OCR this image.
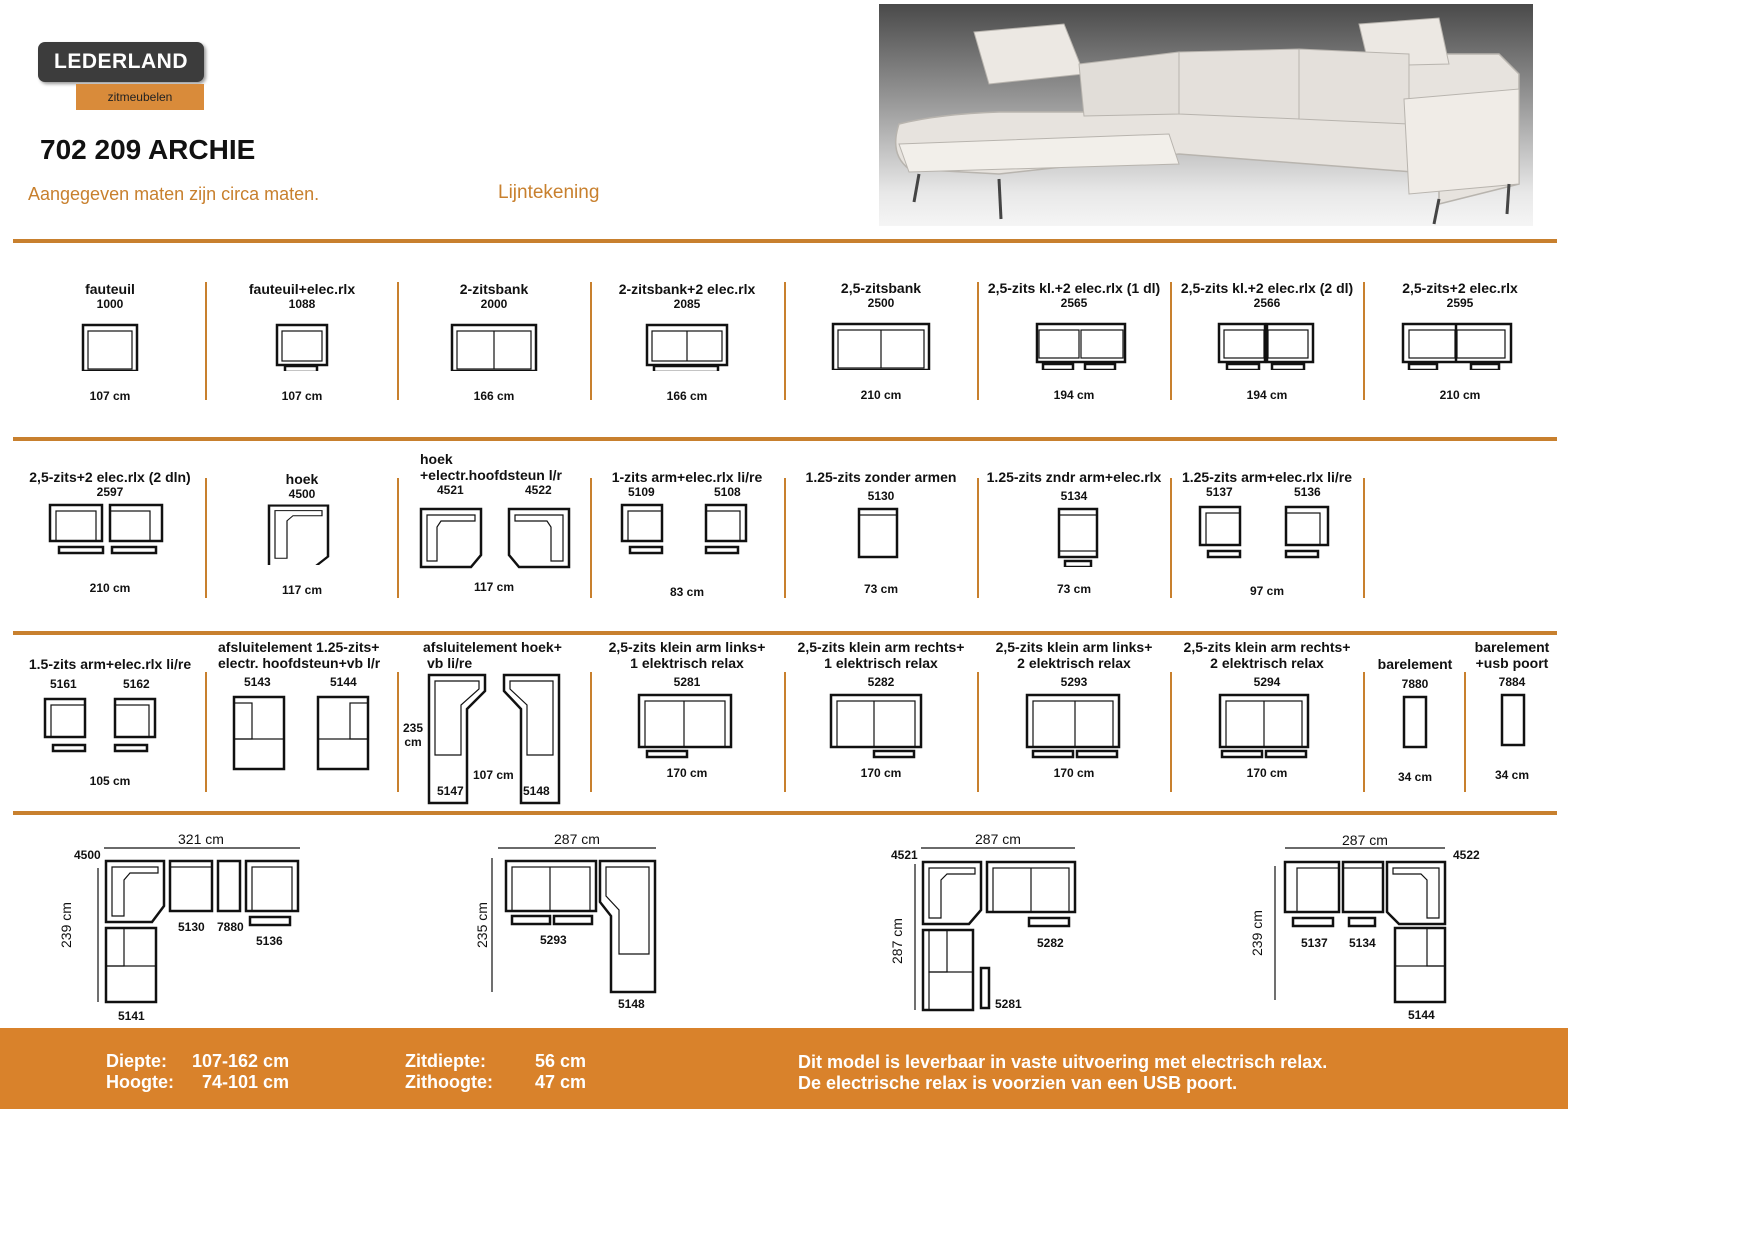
LEDERLAND
zitmeubelen
702 209 ARCHIE
Aangegeven maten zijn circa maten.	Lijntekening
fauteuil
1000
107 cm
fauteuil+elec.rlx
1088
107 cm
2-zitsbank
2000
166 cm
2-zitsbank+2 elec.rlx
2085
166 cm
2,5-zitsbank
2500
210 cm
2,5-zits kl.+2 elec.rlx (1 dl)
2565
194 cm
2,5-zits kl.+2 elec.rlx (2 dl)
2566
194 cm
2,5-zits+2 elec.rlx
2595
210 cm
2,5-zits+2 elec.rlx (2 dln)
2597
210 cm
hoek
4500
117 cm
hoek
+electr.hoofdsteun l/r
4521	4522
117 cm
1-zits arm+elec.rlx li/re
5109	5108
83 cm
1.25-zits zonder armen
5130
73 cm
1.25-zits zndr arm+elec.rlx
5134
73 cm
1.25-zits arm+elec.rlx li/re
5137	5136
97 cm
1.5-zits arm+elec.rlx li/re
5161	5162
105 cm
afsluitelement 1.25-zits+
electr. hoofdsteun+vb l/r
5143	5144
afsluitelement hoek+
vb li/re
235
cm
107 cm
5147	5148
2,5-zits klein arm links+
1 elektrisch relax
5281
170 cm
2,5-zits klein arm rechts+
1 elektrisch relax
5282
170 cm
2,5-zits klein arm links+
2 elektrisch relax
5293
170 cm
2,5-zits klein arm rechts+
2 elektrisch relax
5294
170 cm
barelement
7880
34 cm
barelement
+usb poort
7884
34 cm
321 cm
239 cm
4500
5130 7880
5136
5141
287 cm
235 cm	5293
5148
287 cm
287 cm
4521
5282
5281
287 cm
239 cm
4522
5137 5134
5144
Diepte: 107-162 cm
Hoogte: 74-101 cm
Zitdiepte:	56 cm
Zithoogte: 47 cm
Dit model is leverbaar in vaste uitvoering met electrisch relax.
De electrische relax is voorzien van een USB poort.
